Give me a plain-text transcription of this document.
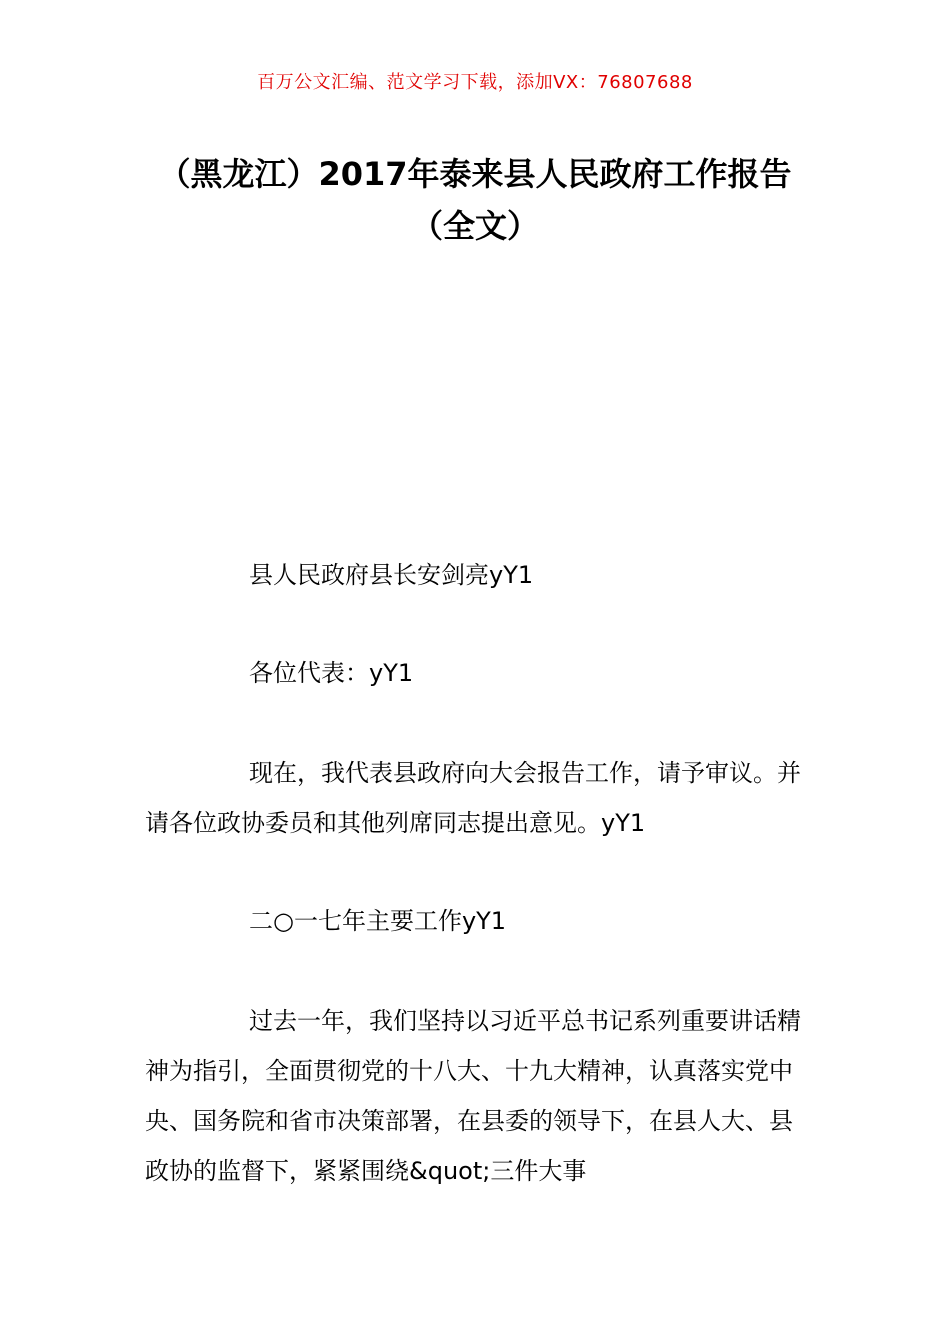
百万公文汇编、范文学习下载，添加VX：76807688
（黑龙江）2017年泰来县人民政府工作报告（全文）

县人民政府县长安剑亮yY1

各位代表：yY1

现在，我代表县政府向大会报告工作，请予审议。并请各位政协委员和其他列席同志提出意见。yY1

二○一七年主要工作yY1

过去一年，我们坚持以习近平总书记系列重要讲话精神为指引，全面贯彻党的十八大、十九大精神，认真落实党中央、国务院和省市决策部署，在县委的领导下，在县人大、县政协的监督下，紧紧围绕&quot;三件大事
